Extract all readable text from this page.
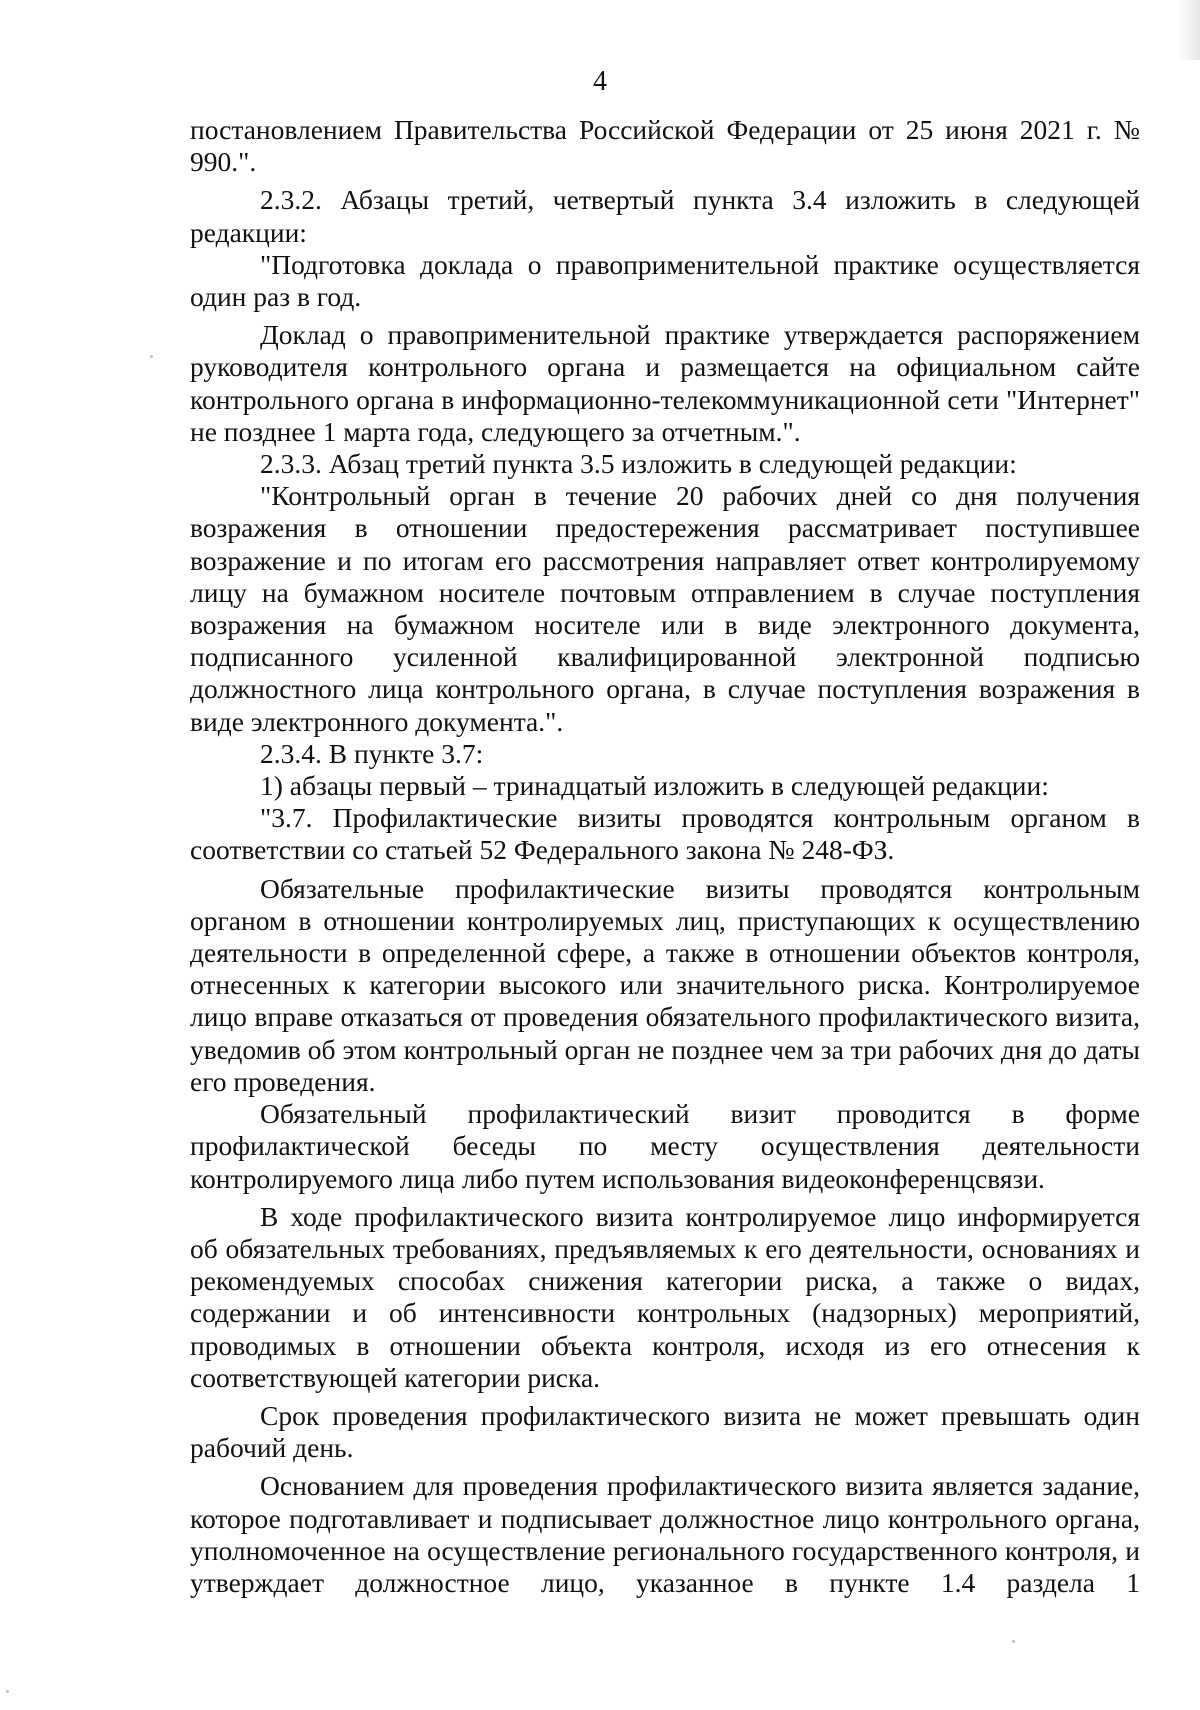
4

постановлением Правительства Российской Федерации от 25 июня 2021 г. № 990.".

2.3.2. Абзацы третий, четвертый пункта 3.4 изложить в следующей редакции:

"Подготовка доклада о правоприменительной практике осуществляется один раз в год.

Доклад о правоприменительной практике утверждается распоряжением руководителя контрольного органа и размещается на официальном сайте контрольного органа в информационно-телекоммуникационной сети "Интернет" не позднее 1 марта года, следующего за отчетным.".

2.3.3. Абзац третий пункта 3.5 изложить в следующей редакции:

"Контрольный орган в течение 20 рабочих дней со дня получения возражения в отношении предостережения рассматривает поступившее возражение и по итогам его рассмотрения направляет ответ контролируемому лицу на бумажном носителе почтовым отправлением в случае поступления возражения на бумажном носителе или в виде электронного документа, подписанного усиленной квалифицированной электронной подписью должностного лица контрольного органа, в случае поступления возражения в виде электронного документа.".

2.3.4. В пункте 3.7:

1) абзацы первый – тринадцатый изложить в следующей редакции:

"3.7. Профилактические визиты проводятся контрольным органом в соответствии со статьей 52 Федерального закона № 248-ФЗ.

Обязательные профилактические визиты проводятся контрольным органом в отношении контролируемых лиц, приступающих к осуществлению деятельности в определенной сфере, а также в отношении объектов контроля, отнесенных к категории высокого или значительного риска. Контролируемое лицо вправе отказаться от проведения обязательного профилактического визита, уведомив об этом контрольный орган не позднее чем за три рабочих дня до даты его проведения.

Обязательный профилактический визит проводится в форме профилактической беседы по месту осуществления деятельности контролируемого лица либо путем использования видеоконференцсвязи.

В ходе профилактического визита контролируемое лицо информируется об обязательных требованиях, предъявляемых к его деятельности, основаниях и рекомендуемых способах снижения категории риска, а также о видах, содержании и об интенсивности контрольных (надзорных) мероприятий, проводимых в отношении объекта контроля, исходя из его отнесения к соответствующей категории риска.

Срок проведения профилактического визита не может превышать один рабочий день.

Основанием для проведения профилактического визита является задание, которое подготавливает и подписывает должностное лицо контрольного органа, уполномоченное на осуществление регионального государственного контроля, и утверждает должностное лицо, указанное в пункте 1.4 раздела 1
